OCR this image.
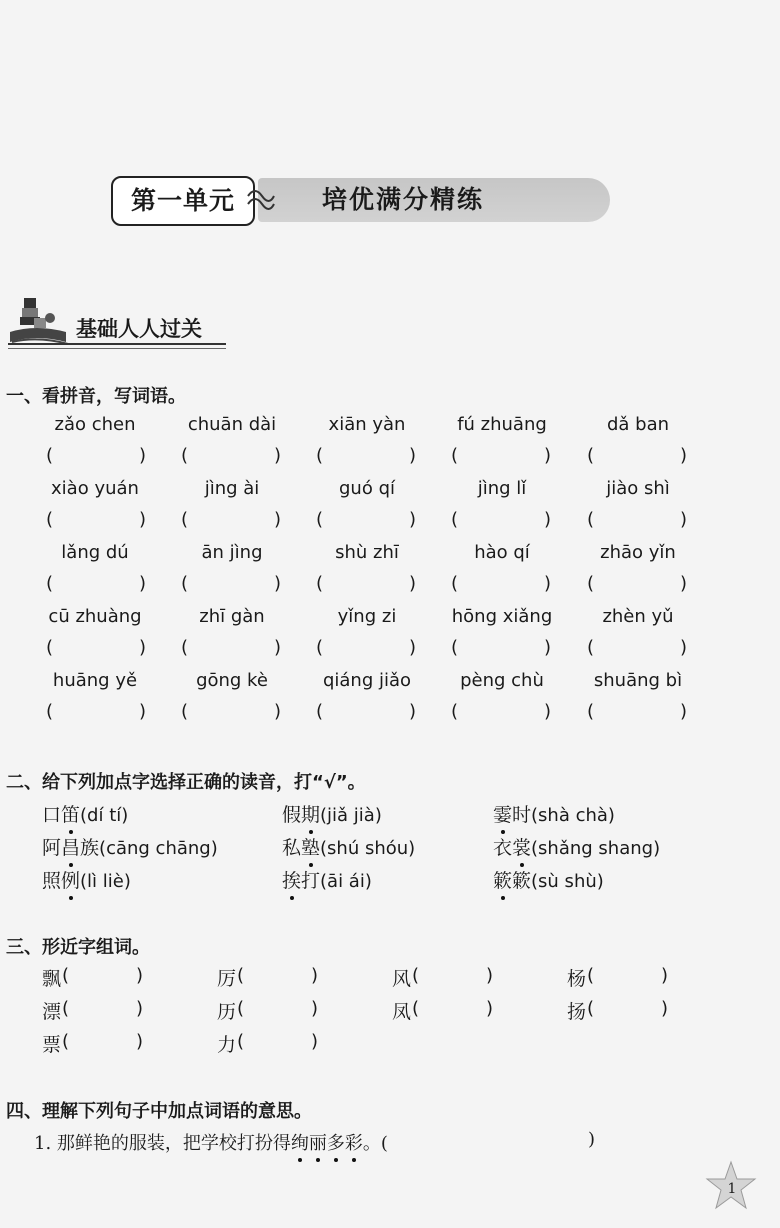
第一单元	培优满分精练
基础人人过关
一、看拼音，写词语。
zǎo chen	chuān dài	xiān yàn	fú zhuāng	dǎ ban
(	) (	) (	) (	) (	)
xiào yuán	jìng ài	guó qí	jìng lǐ	jiào shì
(	) (	) (	) (	) (	)
lǎng dú	ān jìng	shù zhī	hào qí	zhāo yǐn
(	) (	) (	) (	) (	)
cū zhuàng	zhī gàn	yǐng zi	hōng xiǎng	zhèn yǔ
(	) (	) (	) (	) (	)
huāng yě	gōng kè	qiáng jiǎo	pèng chù	shuāng bì
(	) (	) (	) (	) (	)
二、给下列加点字选择正确的读音，打“√”。
口笛(dí tí)	假期(jiǎ jià)	霎时(shà chà)
阿昌族(cāng chāng)	私塾(shú shóu)	衣裳(shǎng shang)
照例(lì liè)	挨打(āi ái)	簌簌(sù shù)
三、形近字组词。
飘 (	)	厉 (	)	风 (	)	杨 (	)
漂 (	)	历 (	)	凤 (	)	扬 (	)
票 (	)	力 (	)
四、理解下列句子中加点词语的意思。
1. 那鲜艳的服装，把学校打扮得绚丽多彩。(	)
1
